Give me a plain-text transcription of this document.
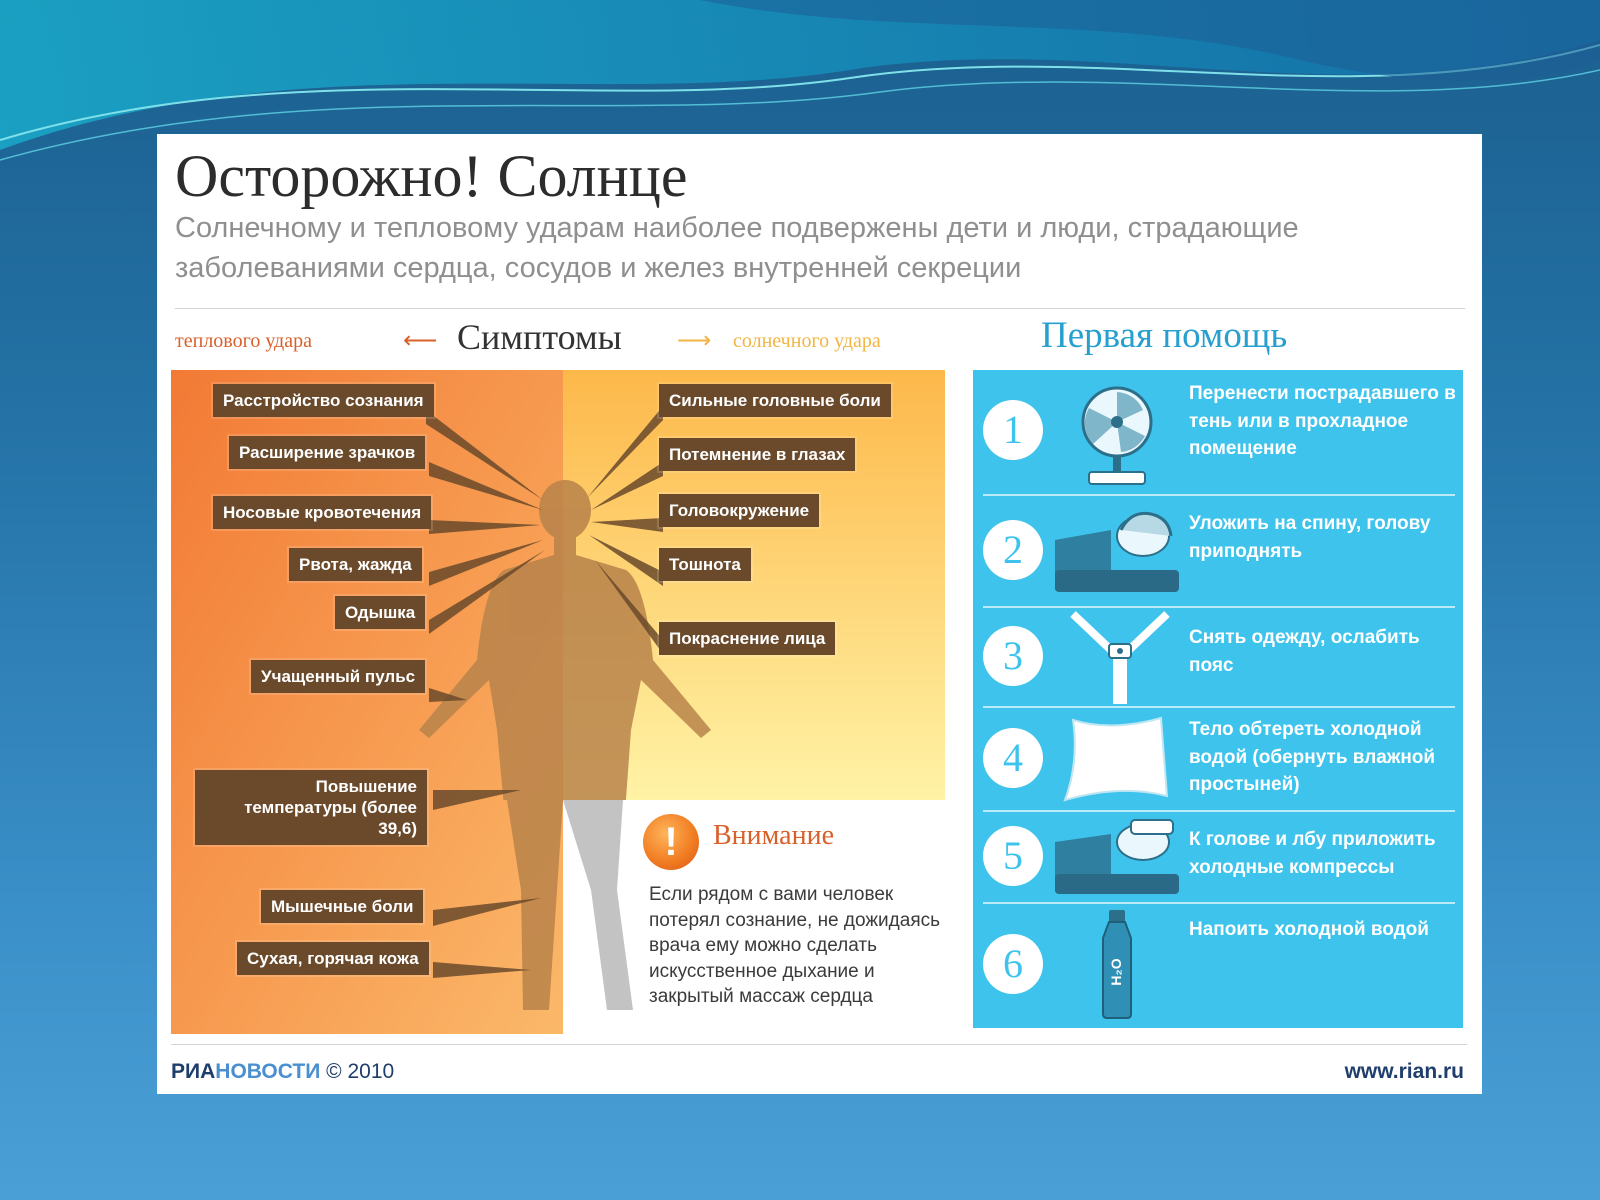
Осторожно! Солнце
Солнечному и тепловому ударам наиболее подвержены дети и люди, страдающие заболеваниями сердца, сосудов и желез внутренней секреции
теплового удара	⟵ Симптомы ⟶ солнечного удара
Расстройство сознания
Расширение зрачков
Носовые кровотечения
Рвота, жажда
Одышка
Учащенный пульс
Повышение температуры (более 39,6)
Мышечные боли
Сухая, горячая кожа
Сильные головные боли
Потемнение в глазах
Головокружение
Тошнота
Покраснение лица
!	Внимание
Если рядом с вами человек потерял сознание, не дожидаясь врача ему можно сделать искусственное дыхание и закрытый массаж сердца
Первая помощь
1
Перенести пострадавшего в тень или в прохладное помещение
2
Уложить на спину, голову приподнять
3	Снять одежду, ослабить пояс
4
Тело обтереть холодной водой (обернуть влажной простыней)
5	К голове и лбу приложить холодные компрессы
6	H₂O
Напоить холодной водой
РИАНОВОСТИ © 2010	www.rian.ru
